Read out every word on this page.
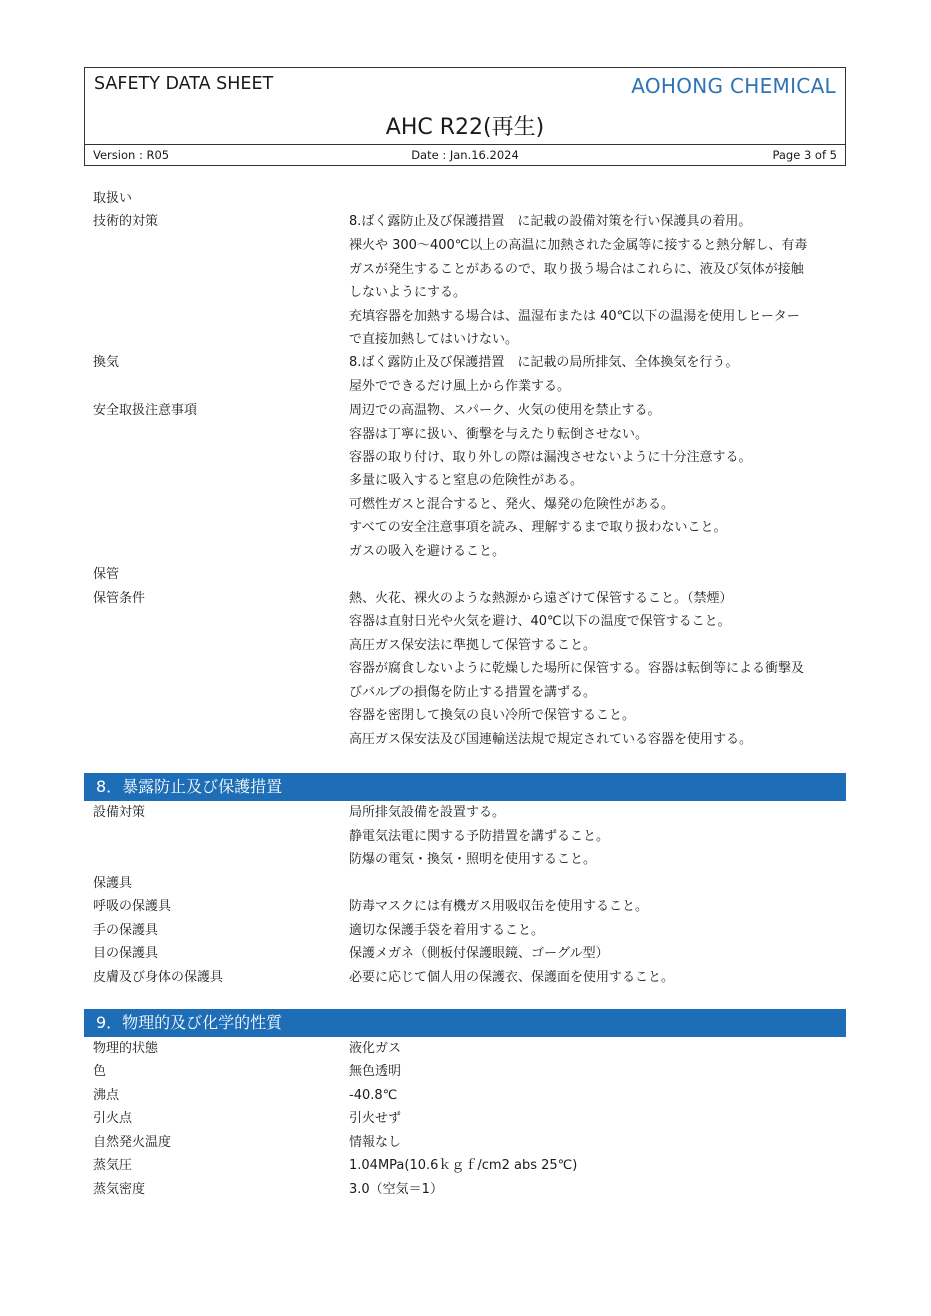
SAFETY DATA SHEET	AOHONG CHEMICAL
AHC R22(再生)
Version : R05	Date : Jan.16.2024	Page 3 of 5
取扱い
技術的対策	8.ばく露防止及び保護措置　に記載の設備対策を行い保護具の着用。
裸火や 300～400℃以上の高温に加熱された金属等に接すると熱分解し、有毒
ガスが発生することがあるので、取り扱う場合はこれらに、液及び気体が接触
しないようにする。
充填容器を加熱する場合は、温湿布または 40℃以下の温湯を使用しヒーター
で直接加熱してはいけない。
換気	8.ばく露防止及び保護措置　に記載の局所排気、全体換気を行う。
屋外でできるだけ風上から作業する。
安全取扱注意事項	周辺での高温物、スパーク、火気の使用を禁止する。
容器は丁寧に扱い、衝撃を与えたり転倒させない。
容器の取り付け、取り外しの際は漏洩させないように十分注意する。
多量に吸入すると窒息の危険性がある。
可燃性ガスと混合すると、発火、爆発の危険性がある。
すべての安全注意事項を読み、理解するまで取り扱わないこと。
ガスの吸入を避けること。
保管
保管条件	熱、火花、裸火のような熱源から遠ざけて保管すること。（禁煙）
容器は直射日光や火気を避け、40℃以下の温度で保管すること。
高圧ガス保安法に準拠して保管すること。
容器が腐食しないように乾燥した場所に保管する。容器は転倒等による衝撃及
びバルブの損傷を防止する措置を講ずる。
容器を密閉して換気の良い冷所で保管すること。
高圧ガス保安法及び国連輸送法規で規定されている容器を使用する。
8．暴露防止及び保護措置
設備対策	局所排気設備を設置する。
静電気法電に関する予防措置を講ずること。
防爆の電気・換気・照明を使用すること。
保護具
呼吸の保護具	防毒マスクには有機ガス用吸収缶を使用すること。
手の保護具	適切な保護手袋を着用すること。
目の保護具	保護メガネ（側板付保護眼鏡、ゴーグル型）
皮膚及び身体の保護具	必要に応じて個人用の保護衣、保護面を使用すること。
9．物理的及び化学的性質
物理的状態	液化ガス
色	無色透明
沸点	-40.8℃
引火点	引火せず
自然発火温度	情報なし
蒸気圧	1.04MPa(10.6ｋｇｆ/cm2 abs 25℃)
蒸気密度	3.0（空気＝1）
